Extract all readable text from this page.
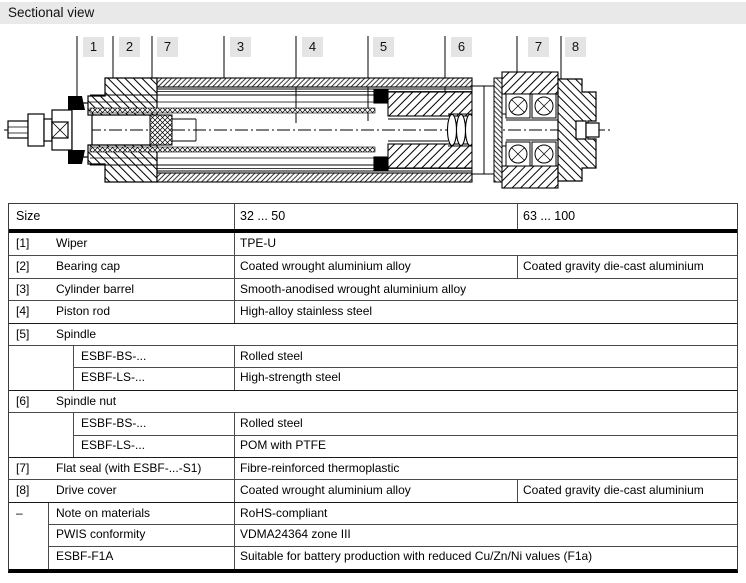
Sectional view
1	2	7	3	4	5	6	7	8
Size	32 ... 50	63 ... 100
[1] Wiper	TPE-U
[2] Bearing cap	Coated wrought aluminium alloy	Coated gravity die-cast aluminium
[3] Cylinder barrel	Smooth-anodised wrought aluminium alloy
[4] Piston rod	High-alloy stainless steel
[5] Spindle
ESBF-BS-...	Rolled steel
ESBF-LS-...	High-strength steel
[6] Spindle nut
ESBF-BS-...	Rolled steel
ESBF-LS-...	POM with PTFE
[7] Flat seal (with ESBF-...-S1)	Fibre-reinforced thermoplastic
[8] Drive cover	Coated wrought aluminium alloy	Coated gravity die-cast aluminium
–	Note on materials	RoHS-compliant
PWIS conformity	VDMA24364 zone III
ESBF-F1A	Suitable for battery production with reduced Cu/Zn/Ni values (F1a)
